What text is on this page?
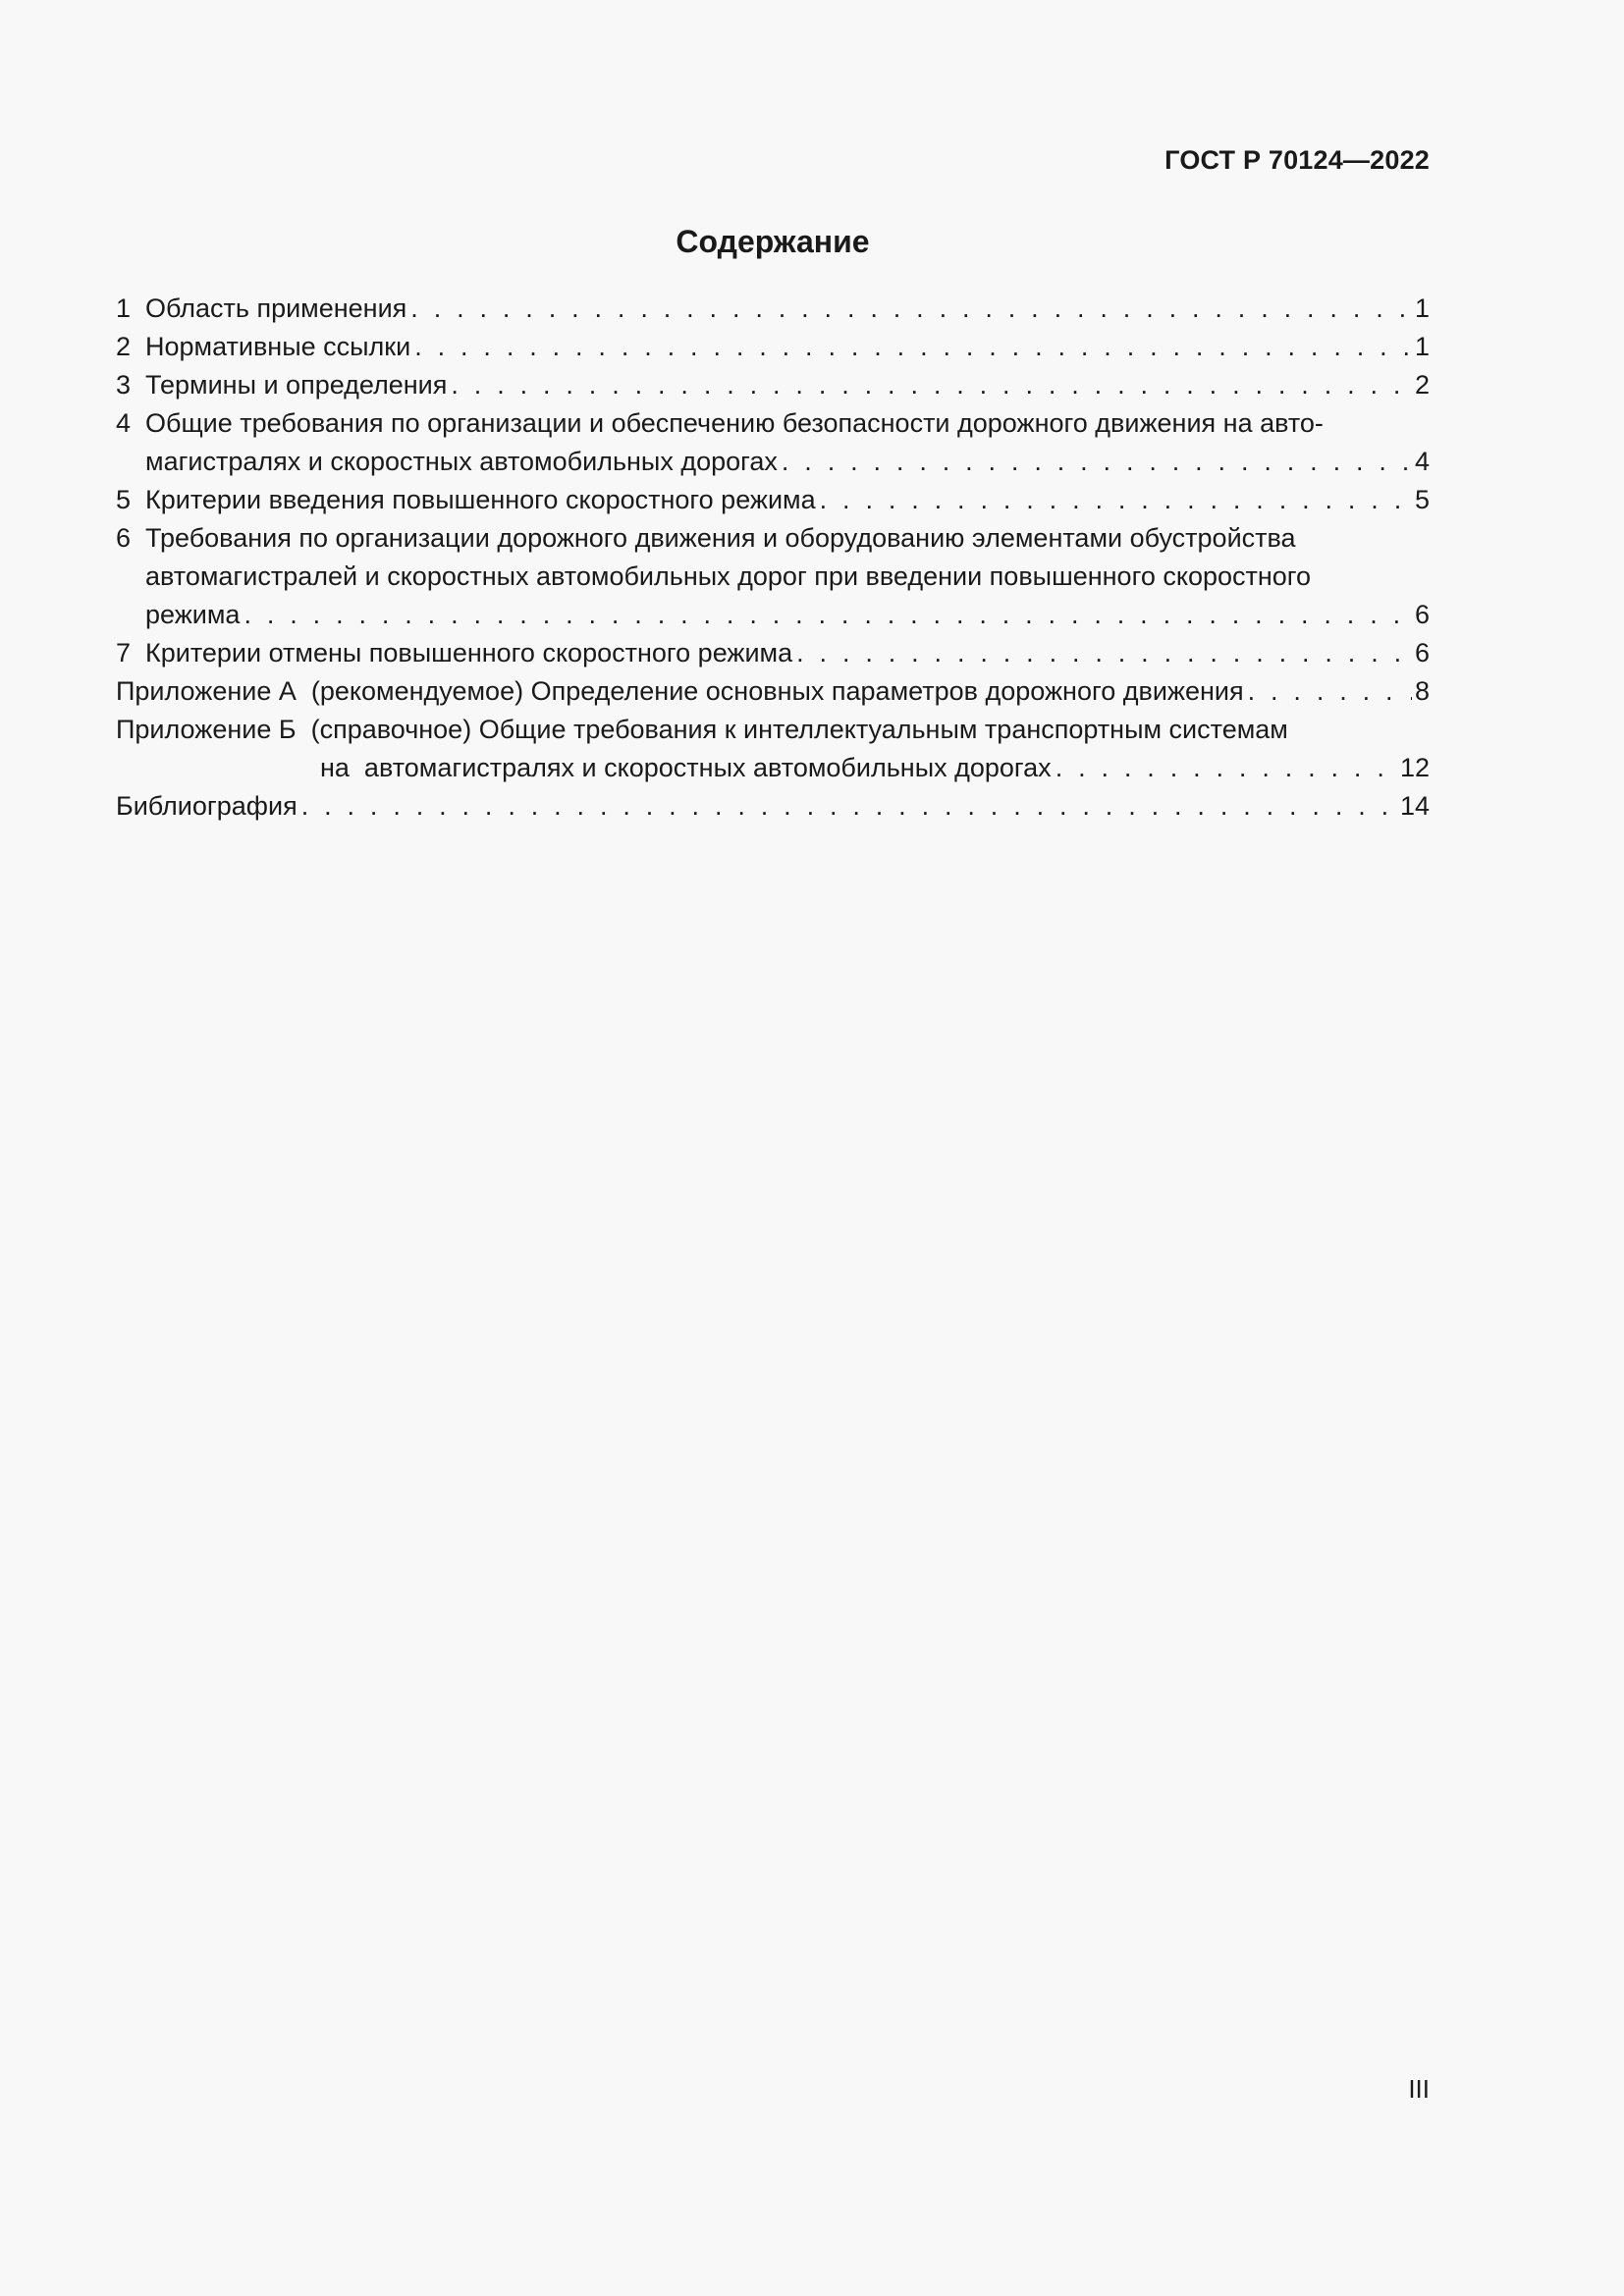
ГОСТ Р 70124—2022
Содержание
1 Область применения . . .	1
2 Нормативные ссылки . . .	1
3 Термины и определения . . .	2
4 Общие требования по организации и обеспечению безопасности дорожного движения на авто-
магистралях и скоростных автомобильных дорогах . . .	4
5 Критерии введения повышенного скоростного режима . . .	5
6 Требования по организации дорожного движения и оборудованию элементами обустройства
автомагистралей и скоростных автомобильных дорог при введении повышенного скоростного
режима . . .	6
7 Критерии отмены повышенного скоростного режима . . .	6
Приложение А  (рекомендуемое) Определение основных параметров дорожного движения . . .	8
Приложение Б  (справочное) Общие требования к интеллектуальным транспортным системам
на  автомагистралях и скоростных автомобильных дорогах . . .	12
Библиография . . .	14
III
